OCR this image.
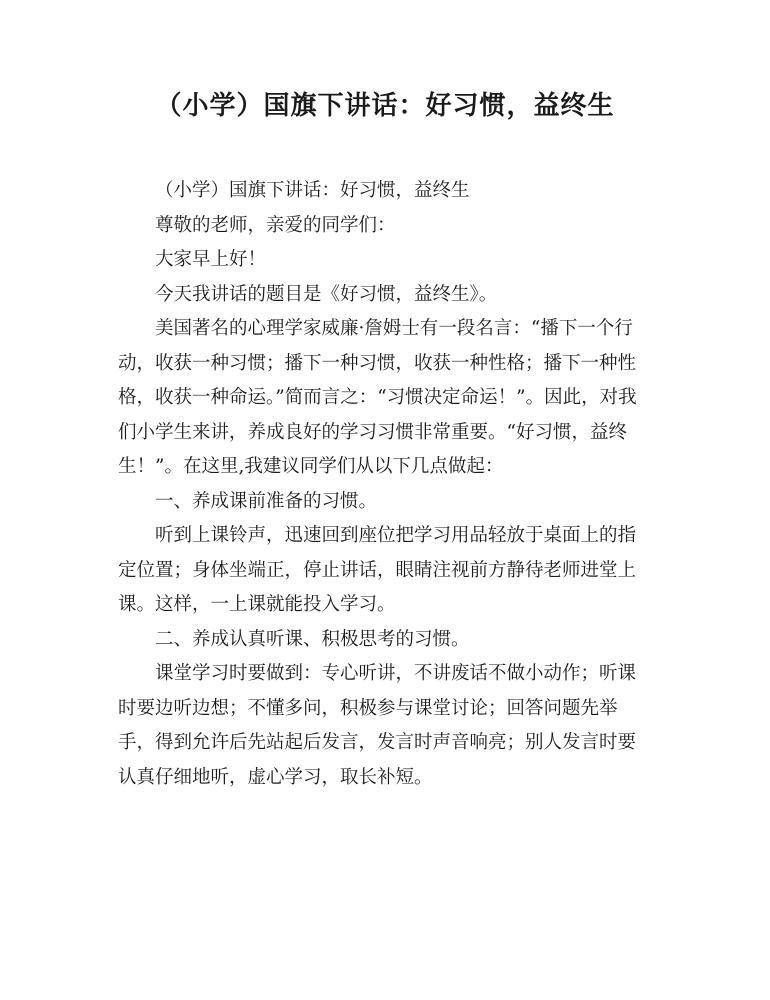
（小学）国旗下讲话：好习惯，益终生

（小学）国旗下讲话：好习惯，益终生

尊敬的老师，亲爱的同学们：

大家早上好！

今天我讲话的题目是《好习惯，益终生》。

美国著名的心理学家威廉·詹姆士有一段名言：“播下一个行动，收获一种习惯；播下一种习惯，收获一种性格；播下一种性格，收获一种命运。”简而言之：“习惯决定命运！”。因此，对我们小学生来讲，养成良好的学习习惯非常重要。“好习惯，益终生！”。在这里,我建议同学们从以下几点做起：

一、养成课前准备的习惯。

听到上课铃声，迅速回到座位把学习用品轻放于桌面上的指定位置；身体坐端正，停止讲话，眼睛注视前方静待老师进堂上课。这样，一上课就能投入学习。

二、养成认真听课、积极思考的习惯。

课堂学习时要做到：专心听讲，不讲废话不做小动作；听课时要边听边想；不懂多问，积极参与课堂讨论；回答问题先举手，得到允许后先站起后发言，发言时声音响亮；别人发言时要认真仔细地听，虚心学习，取长补短。
